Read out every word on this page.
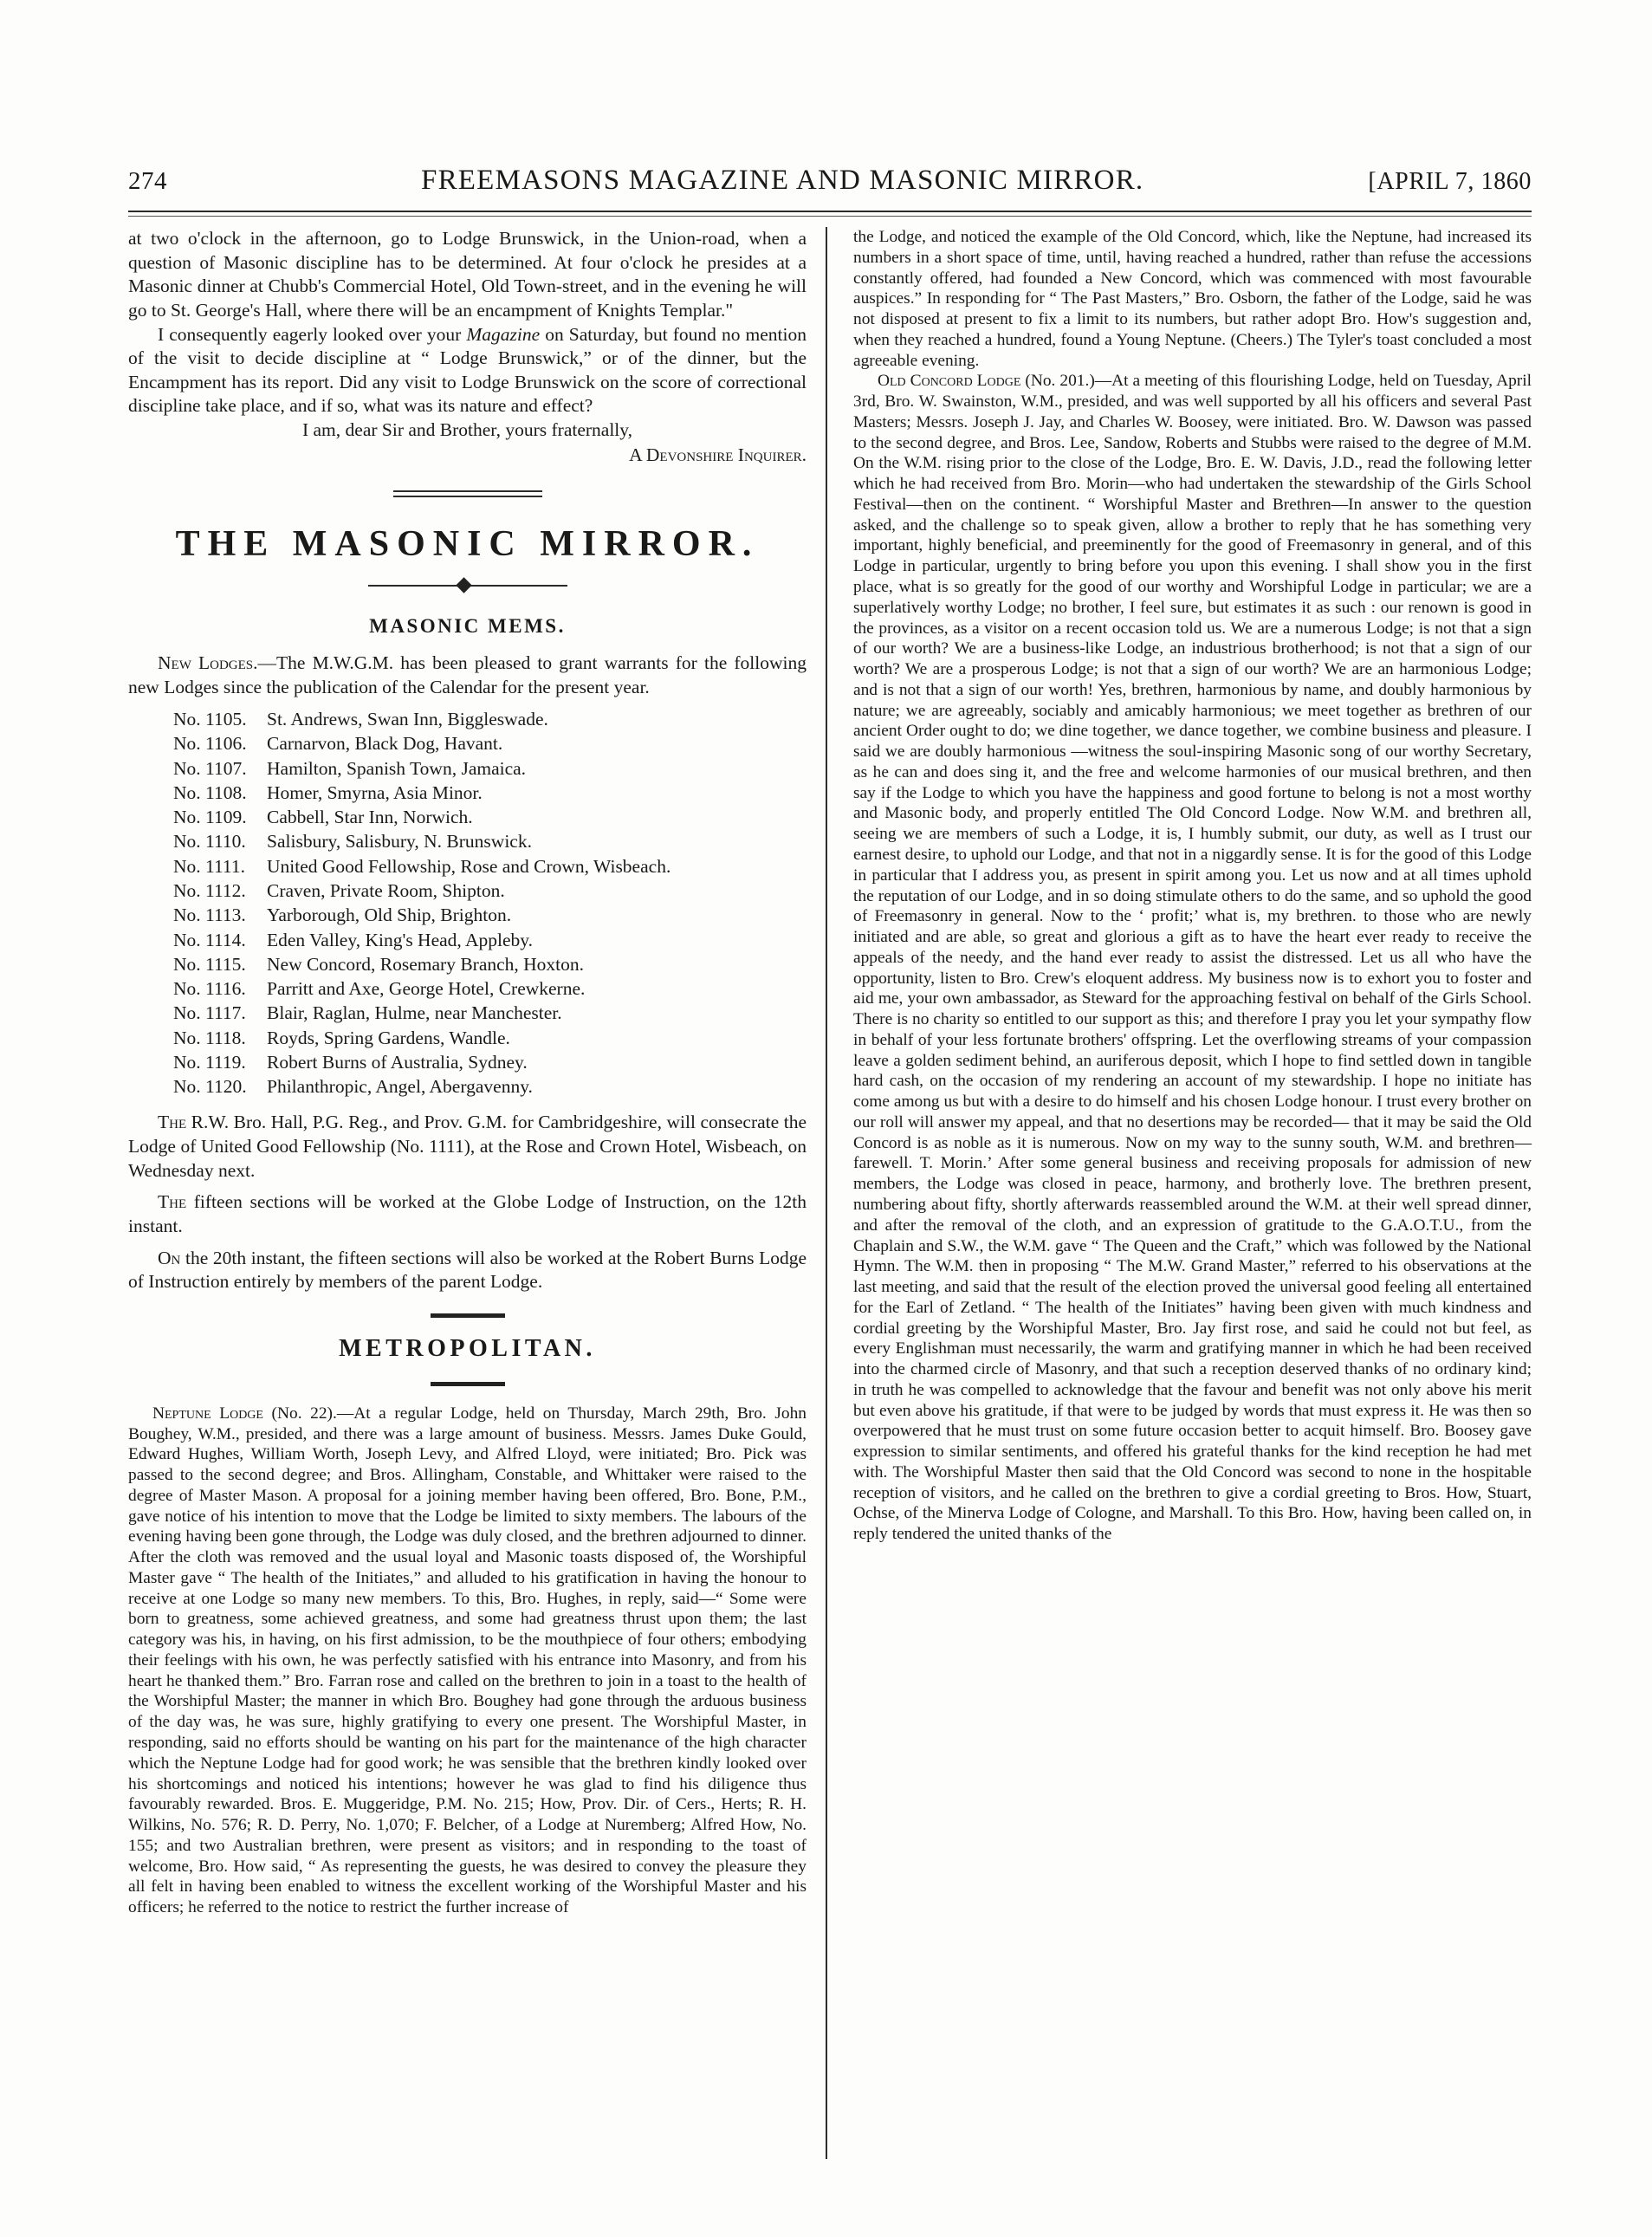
274	FREEMASONS MAGAZINE AND MASONIC MIRROR.	[APRIL 7, 1860

at two o'clock in the afternoon, go to Lodge Brunswick, in the Union-road, when a question of Masonic discipline has to be determined. At four o'clock he presides at a Masonic dinner at Chubb's Commercial Hotel, Old Town-street, and in the evening he will go to St. George's Hall, where there will be an encampment of Knights Templar."

I consequently eagerly looked over your Magazine on Saturday, but found no mention of the visit to decide discipline at “ Lodge Brunswick,” or of the dinner, but the Encampment has its report. Did any visit to Lodge Brunswick on the score of correctional discipline take place, and if so, what was its nature and effect?

I am, dear Sir and Brother, yours fraternally,

A Devonshire Inquirer.

THE MASONIC MIRROR.
MASONIC MEMS.

New Lodges.—The M.W.G.M. has been pleased to grant warrants for the following new Lodges since the publication of the Calendar for the present year.

No. 1105.	St. Andrews, Swan Inn, Biggleswade.
No. 1106.	Carnarvon, Black Dog, Havant.
No. 1107.	Hamilton, Spanish Town, Jamaica.
No. 1108.	Homer, Smyrna, Asia Minor.
No. 1109.	Cabbell, Star Inn, Norwich.
No. 1110.	Salisbury, Salisbury, N. Brunswick.
No. 1111.	United Good Fellowship, Rose and Crown, Wisbeach.
No. 1112.	Craven, Private Room, Shipton.
No. 1113.	Yarborough, Old Ship, Brighton.
No. 1114.	Eden Valley, King's Head, Appleby.
No. 1115.	New Concord, Rosemary Branch, Hoxton.
No. 1116.	Parritt and Axe, George Hotel, Crewkerne.
No. 1117.	Blair, Raglan, Hulme, near Manchester.
No. 1118.	Royds, Spring Gardens, Wandle.
No. 1119.	Robert Burns of Australia, Sydney.
No. 1120.	Philanthropic, Angel, Abergavenny.

The R.W. Bro. Hall, P.G. Reg., and Prov. G.M. for Cambridgeshire, will consecrate the Lodge of United Good Fellowship (No. 1111), at the Rose and Crown Hotel, Wisbeach, on Wednesday next.

The fifteen sections will be worked at the Globe Lodge of Instruction, on the 12th instant.

On the 20th instant, the fifteen sections will also be worked at the Robert Burns Lodge of Instruction entirely by members of the parent Lodge.

METROPOLITAN.

Neptune Lodge (No. 22).—At a regular Lodge, held on Thursday, March 29th, Bro. John Boughey, W.M., presided, and there was a large amount of business. Messrs. James Duke Gould, Edward Hughes, William Worth, Joseph Levy, and Alfred Lloyd, were initiated; Bro. Pick was passed to the second degree; and Bros. Allingham, Constable, and Whittaker were raised to the degree of Master Mason. A proposal for a joining member having been offered, Bro. Bone, P.M., gave notice of his intention to move that the Lodge be limited to sixty members. The labours of the evening having been gone through, the Lodge was duly closed, and the brethren adjourned to dinner. After the cloth was removed and the usual loyal and Masonic toasts disposed of, the Worshipful Master gave “ The health of the Initiates,” and alluded to his gratification in having the honour to receive at one Lodge so many new members. To this, Bro. Hughes, in reply, said—“ Some were born to greatness, some achieved greatness, and some had greatness thrust upon them; the last category was his, in having, on his first admission, to be the mouthpiece of four others; embodying their feelings with his own, he was perfectly satisfied with his entrance into Masonry, and from his heart he thanked them.” Bro. Farran rose and called on the brethren to join in a toast to the health of the Worshipful Master; the manner in which Bro. Boughey had gone through the arduous business of the day was, he was sure, highly gratifying to every one present. The Worshipful Master, in responding, said no efforts should be wanting on his part for the maintenance of the high character which the Neptune Lodge had for good work; he was sensible that the brethren kindly looked over his shortcomings and noticed his intentions; however he was glad to find his diligence thus favourably rewarded. Bros. E. Muggeridge, P.M. No. 215; How, Prov. Dir. of Cers., Herts; R. H. Wilkins, No. 576; R. D. Perry, No. 1,070; F. Belcher, of a Lodge at Nuremberg; Alfred How, No. 155; and two Australian brethren, were present as visitors; and in responding to the toast of welcome, Bro. How said, “ As representing the guests, he was desired to convey the pleasure they all felt in having been enabled to witness the excellent working of the Worshipful Master and his officers; he referred to the notice to restrict the further increase of

the Lodge, and noticed the example of the Old Concord, which, like the Neptune, had increased its numbers in a short space of time, until, having reached a hundred, rather than refuse the accessions constantly offered, had founded a New Concord, which was commenced with most favourable auspices.” In responding for “ The Past Masters,” Bro. Osborn, the father of the Lodge, said he was not disposed at present to fix a limit to its numbers, but rather adopt Bro. How's suggestion and, when they reached a hundred, found a Young Neptune. (Cheers.) The Tyler's toast concluded a most agreeable evening.

Old Concord Lodge (No. 201.)—At a meeting of this flourishing Lodge, held on Tuesday, April 3rd, Bro. W. Swainston, W.M., presided, and was well supported by all his officers and several Past Masters; Messrs. Joseph J. Jay, and Charles W. Boosey, were initiated. Bro. W. Dawson was passed to the second degree, and Bros. Lee, Sandow, Roberts and Stubbs were raised to the degree of M.M. On the W.M. rising prior to the close of the Lodge, Bro. E. W. Davis, J.D., read the following letter which he had received from Bro. Morin—who had undertaken the stewardship of the Girls School Festival—then on the continent. “ Worshipful Master and Brethren—In answer to the question asked, and the challenge so to speak given, allow a brother to reply that he has something very important, highly beneficial, and preeminently for the good of Freemasonry in general, and of this Lodge in particular, urgently to bring before you upon this evening. I shall show you in the first place, what is so greatly for the good of our worthy and Worshipful Lodge in particular; we are a superlatively worthy Lodge; no brother, I feel sure, but estimates it as such : our renown is good in the provinces, as a visitor on a recent occasion told us. We are a numerous Lodge; is not that a sign of our worth? We are a business-like Lodge, an industrious brotherhood; is not that a sign of our worth? We are a prosperous Lodge; is not that a sign of our worth? We are an harmonious Lodge; and is not that a sign of our worth! Yes, brethren, harmonious by name, and doubly harmonious by nature; we are agreeably, sociably and amicably harmonious; we meet together as brethren of our ancient Order ought to do; we dine together, we dance together, we combine business and pleasure. I said we are doubly harmonious —witness the soul-inspiring Masonic song of our worthy Secretary, as he can and does sing it, and the free and welcome harmonies of our musical brethren, and then say if the Lodge to which you have the happiness and good fortune to belong is not a most worthy and Masonic body, and properly entitled The Old Concord Lodge. Now W.M. and brethren all, seeing we are members of such a Lodge, it is, I humbly submit, our duty, as well as I trust our earnest desire, to uphold our Lodge, and that not in a niggardly sense. It is for the good of this Lodge in particular that I address you, as present in spirit among you. Let us now and at all times uphold the reputation of our Lodge, and in so doing stimulate others to do the same, and so uphold the good of Freemasonry in general. Now to the ‘ profit;’ what is, my brethren. to those who are newly initiated and are able, so great and glorious a gift as to have the heart ever ready to receive the appeals of the needy, and the hand ever ready to assist the distressed. Let us all who have the opportunity, listen to Bro. Crew's eloquent address. My business now is to exhort you to foster and aid me, your own ambassador, as Steward for the approaching festival on behalf of the Girls School. There is no charity so entitled to our support as this; and therefore I pray you let your sympathy flow in behalf of your less fortunate brothers' offspring. Let the overflowing streams of your compassion leave a golden sediment behind, an auriferous deposit, which I hope to find settled down in tangible hard cash, on the occasion of my rendering an account of my stewardship. I hope no initiate has come among us but with a desire to do himself and his chosen Lodge honour. I trust every brother on our roll will answer my appeal, and that no desertions may be recorded— that it may be said the Old Concord is as noble as it is numerous. Now on my way to the sunny south, W.M. and brethren—farewell. T. Morin.’ After some general business and receiving proposals for admission of new members, the Lodge was closed in peace, harmony, and brotherly love. The brethren present, numbering about fifty, shortly afterwards reassembled around the W.M. at their well spread dinner, and after the removal of the cloth, and an expression of gratitude to the G.A.O.T.U., from the Chaplain and S.W., the W.M. gave “ The Queen and the Craft,” which was followed by the National Hymn. The W.M. then in proposing “ The M.W. Grand Master,” referred to his observations at the last meeting, and said that the result of the election proved the universal good feeling all entertained for the Earl of Zetland. “ The health of the Initiates” having been given with much kindness and cordial greeting by the Worshipful Master, Bro. Jay first rose, and said he could not but feel, as every Englishman must necessarily, the warm and gratifying manner in which he had been received into the charmed circle of Masonry, and that such a reception deserved thanks of no ordinary kind; in truth he was compelled to acknowledge that the favour and benefit was not only above his merit but even above his gratitude, if that were to be judged by words that must express it. He was then so overpowered that he must trust on some future occasion better to acquit himself. Bro. Boosey gave expression to similar sentiments, and offered his grateful thanks for the kind reception he had met with. The Worshipful Master then said that the Old Concord was second to none in the hospitable reception of visitors, and he called on the brethren to give a cordial greeting to Bros. How, Stuart, Ochse, of the Minerva Lodge of Cologne, and Marshall. To this Bro. How, having been called on, in reply tendered the united thanks of the
